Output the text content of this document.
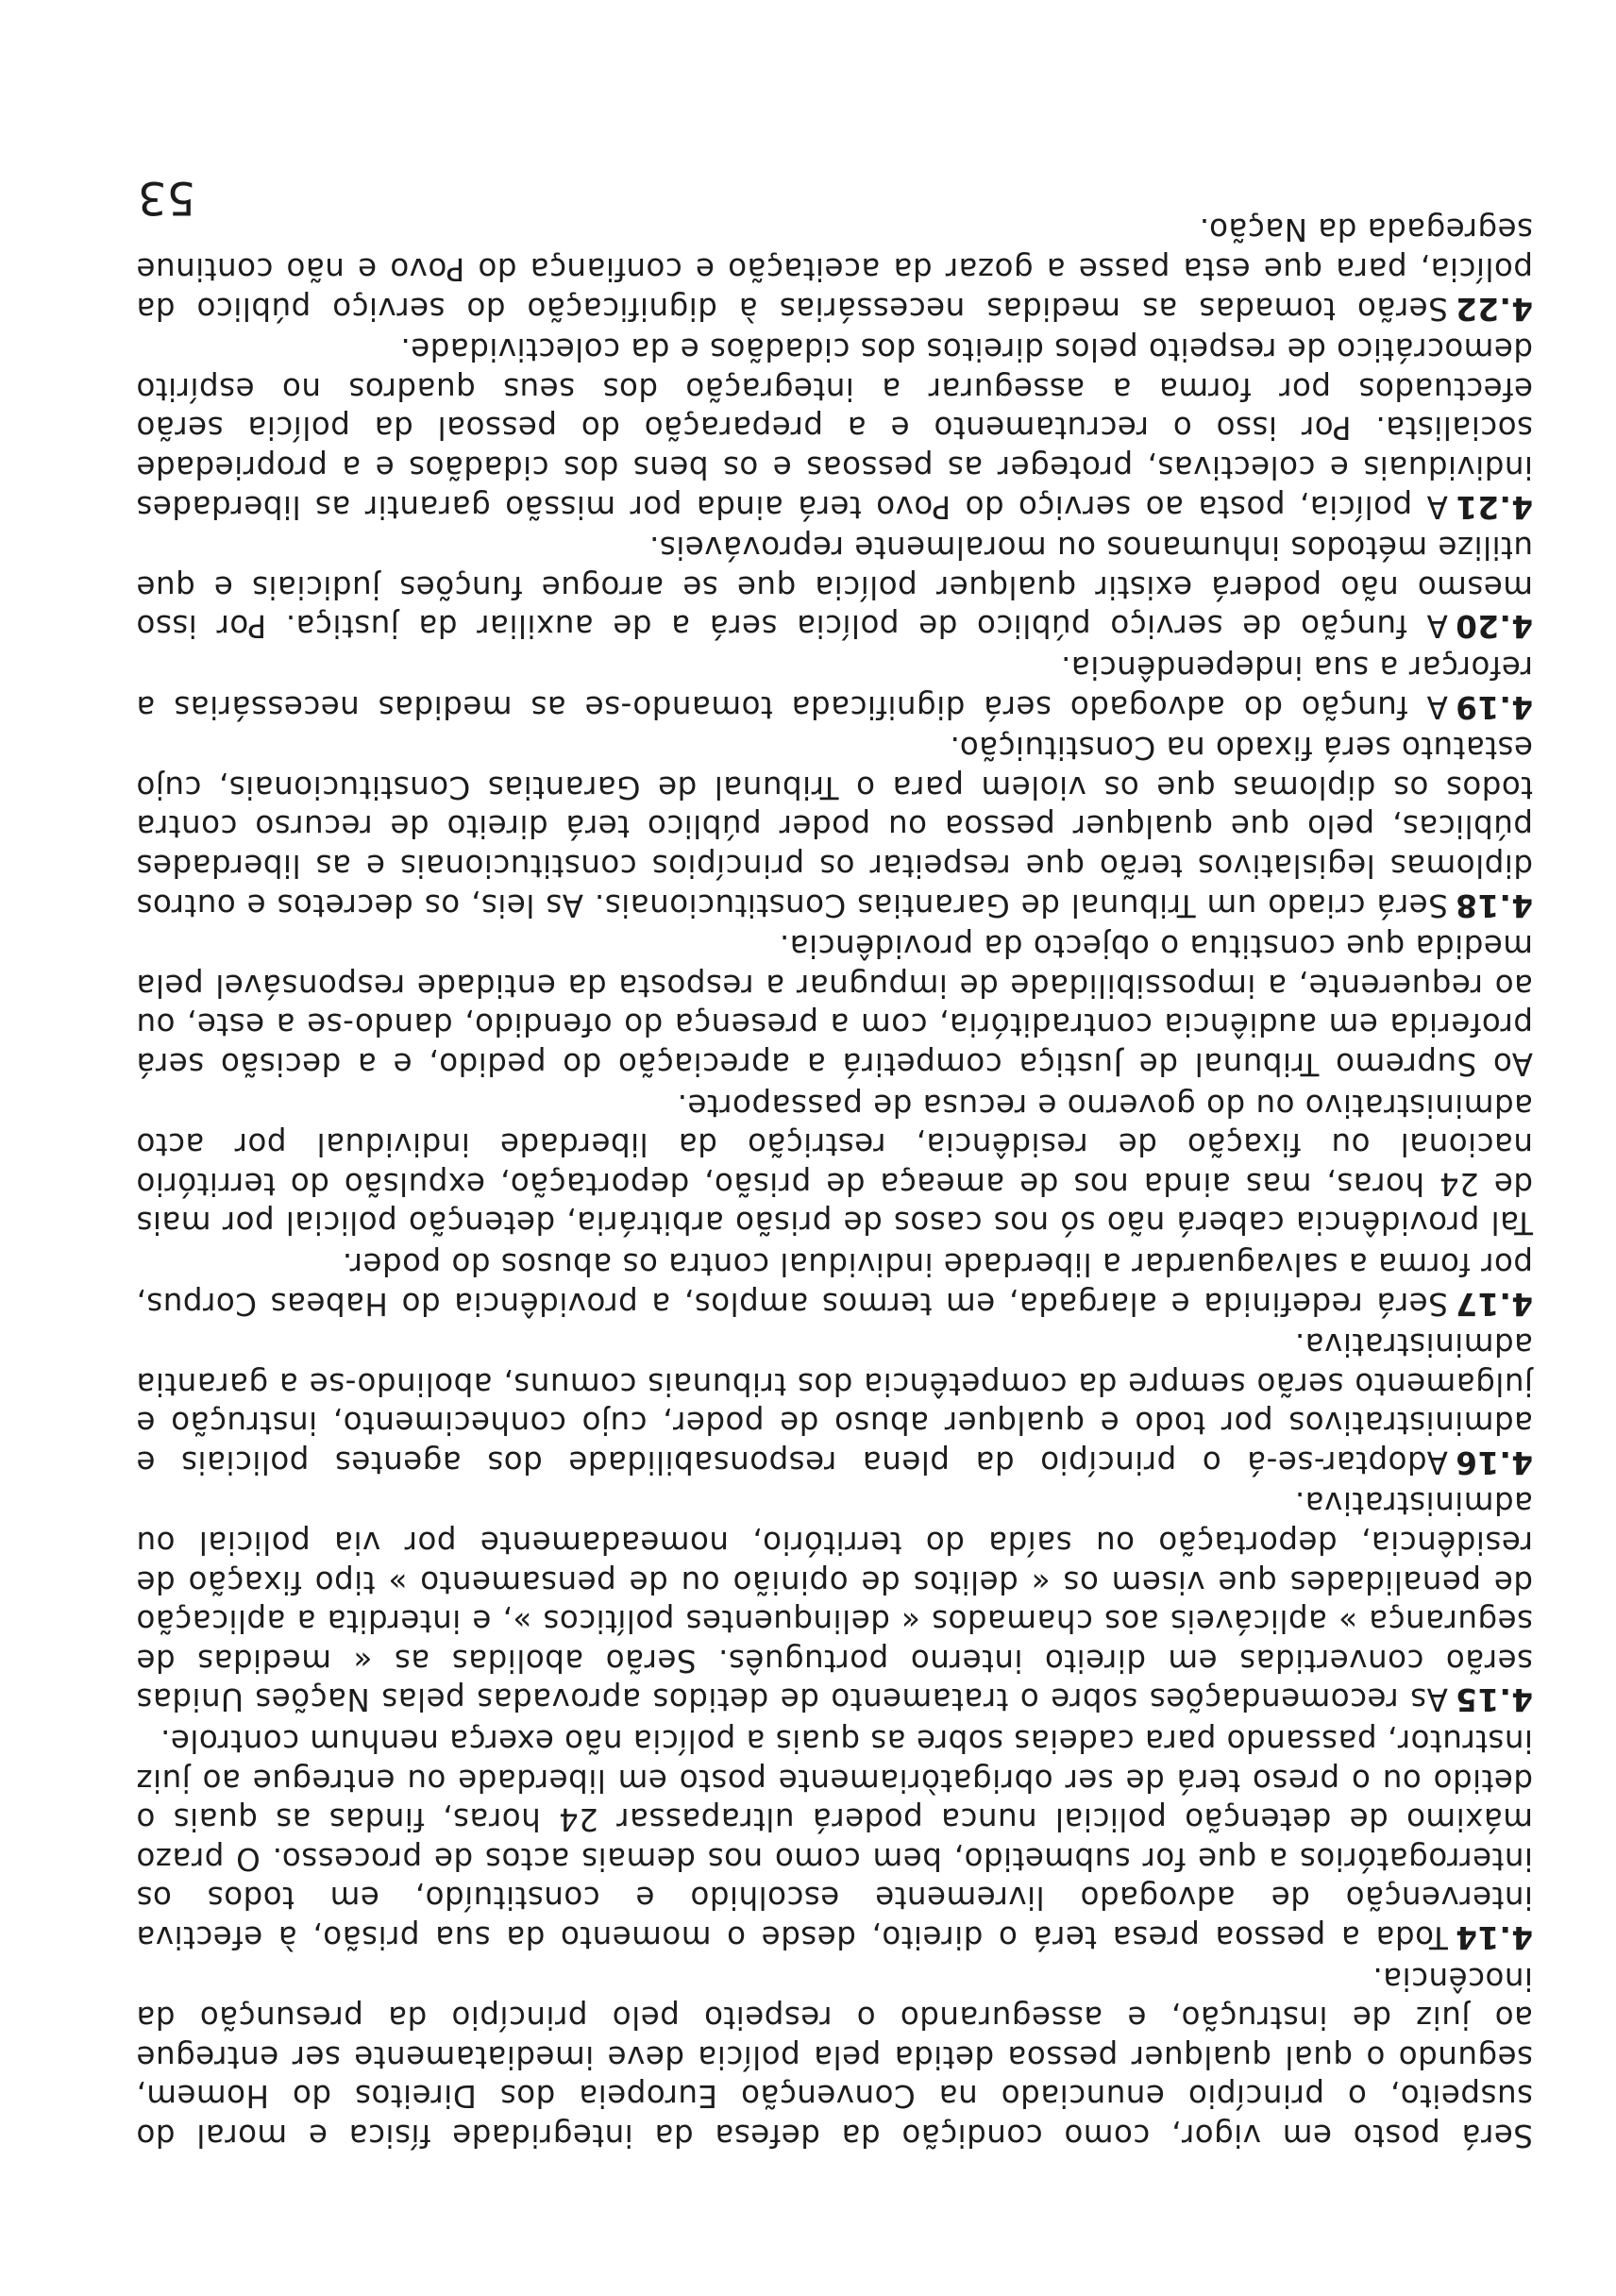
Será posto em vigor, como condição da defesa da integridade física e moral do suspeito, o princípio enunciado na Convenção Europeia dos Direitos do Homem, segundo o qual qualquer pessoa detida pela polícia deve imediatamente ser entregue ao juiz de instrução, e assegurando o respeito pelo princípio da presunção da inocência.

4.14Toda a pessoa presa terá o direito, desde o momento da sua prisão, à efectiva intervenção de advogado livremente escolhido e constituído, em todos os interrogatórios a que for submetido, bem como nos demais actos de processo. O prazo máximo de detenção policial nunca poderá ultrapassar 24 horas, findas as quais o detido ou o preso terá de ser obrigatòriamente posto em liberdade ou entregue ao juiz instrutor, passando para cadeias sobre as quais a polícia não exerça nenhum controle.

4.15As recomendações sobre o tratamento de detidos aprovadas pelas Nações Unidas serão convertidas em direito interno português. Serão abolidas as « medidas de segurança » aplicáveis aos chamados « delinquentes políticos », e interdita a aplicação de penalidades que visem os « delitos de opinião ou de pensamento » tipo fixação de residência, deportação ou saída do território, nomeadamente por via policial ou administrativa.

4.16Adoptar-se-á o princípio da plena responsabilidade dos agentes policiais e administrativos por todo e qualquer abuso de poder, cujo conhecimento, instrução e julgamento serão sempre da competência dos tribunais comuns, abolindo-se a garantia administrativa.

4.17Será redefinida e alargada, em termos amplos, a providência do Habeas Corpus, por forma a salvaguardar a liberdade individual contra os abusos do poder.

Tal providência caberá não só nos casos de prisão arbitrária, detenção policial por mais de 24 horas, mas ainda nos de ameaça de prisão, deportação, expulsão do território nacional ou fixação de residência, restrição da liberdade individual por acto administrativo ou do governo e recusa de passaporte.

Ao Supremo Tribunal de Justiça competirá a apreciação do pedido, e a decisão será proferida em audiência contraditória, com a presença do ofendido, dando-se a este, ou ao requerente, a impossibilidade de impugnar a resposta da entidade responsável pela medida que constitua o objecto da providência.

4.18Será criado um Tribunal de Garantias Constitucionais. As leis, os decretos e outros diplomas legislativos terão que respeitar os princípios constitucionais e as liberdades públicas, pelo que qualquer pessoa ou poder público terá direito de recurso contra todos os diplomas que os violem para o Tribunal de Garantias Constitucionais, cujo estatuto será fixado na Constituição.

4.19A função do advogado será dignificada tomando-se as medidas necessárias a reforçar a sua independência.

4.20A função de serviço público de polícia será a de auxiliar da justiça. Por isso mesmo não poderá existir qualquer polícia que se arrogue funções judiciais e que utilize métodos inhumanos ou moralmente reprováveis.

4.21A polícia, posta ao serviço do Povo terá ainda por missão garantir as liberdades individuais e colectivas, proteger as pessoas e os bens dos cidadãos e a propriedade socialista. Por isso o recrutamento e a preparação do pessoal da polícia serão efectuados por forma a assegurar a integração dos seus quadros no espírito democrático de respeito pelos direitos dos cidadãos e da colectividade.

4.22Serão tomadas as medidas necessárias à dignificação do serviço público da polícia, para que esta passe a gozar da aceitação e confiança do Povo e não continue segregada da Nação.

53
